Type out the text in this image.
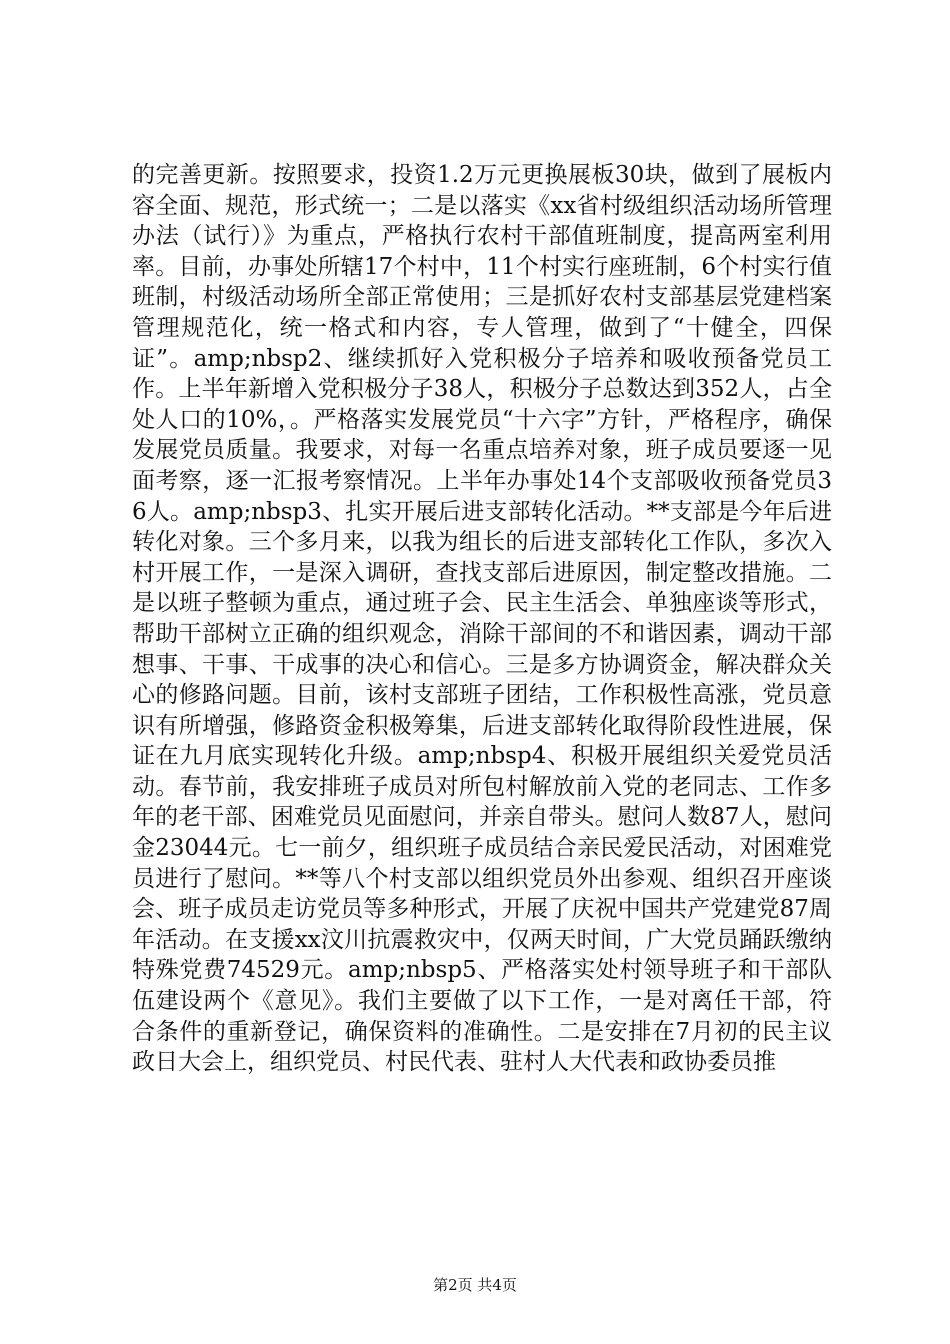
的完善更新。按照要求，投资1.2万元更换展板30块，做到了展板内容全面、规范，形式统一；二是以落实《xx省村级组织活动场所管理办法（试行）》为重点，严格执行农村干部值班制度，提高两室利用率。目前，办事处所辖17个村中，11个村实行座班制，6个村实行值班制，村级活动场所全部正常使用；三是抓好农村支部基层党建档案管理规范化，统一格式和内容，专人管理，做到了“十健全，四保证”。amp;nbsp2、继续抓好入党积极分子培养和吸收预备党员工作。上半年新增入党积极分子38人，积极分子总数达到352人，占全处人口的10%，。严格落实发展党员“十六字”方针，严格程序，确保发展党员质量。我要求，对每一名重点培养对象，班子成员要逐一见面考察，逐一汇报考察情况。上半年办事处14个支部吸收预备党员36人。amp;nbsp3、扎实开展后进支部转化活动。**支部是今年后进转化对象。三个多月来，以我为组长的后进支部转化工作队，多次入村开展工作，一是深入调研，查找支部后进原因，制定整改措施。二是以班子整顿为重点，通过班子会、民主生活会、单独座谈等形式，帮助干部树立正确的组织观念，消除干部间的不和谐因素，调动干部想事、干事、干成事的决心和信心。三是多方协调资金，解决群众关心的修路问题。目前，该村支部班子团结，工作积极性高涨，党员意识有所增强，修路资金积极筹集，后进支部转化取得阶段性进展，保证在九月底实现转化升级。amp;nbsp4、积极开展组织关爱党员活动。春节前，我安排班子成员对所包村解放前入党的老同志、工作多年的老干部、困难党员见面慰问，并亲自带头。慰问人数87人，慰问金23044元。七一前夕，组织班子成员结合亲民爱民活动，对困难党员进行了慰问。**等八个村支部以组织党员外出参观、组织召开座谈会、班子成员走访党员等多种形式，开展了庆祝中国共产党建党87周年活动。在支援xx汶川抗震救灾中，仅两天时间，广大党员踊跃缴纳特殊党费74529元。amp;nbsp5、严格落实处村领导班子和干部队伍建设两个《意见》。我们主要做了以下工作，一是对离任干部，符合条件的重新登记，确保资料的准确性。二是安排在7月初的民主议政日大会上，组织党员、村民代表、驻村人大代表和政协委员推

第2页 共4页
